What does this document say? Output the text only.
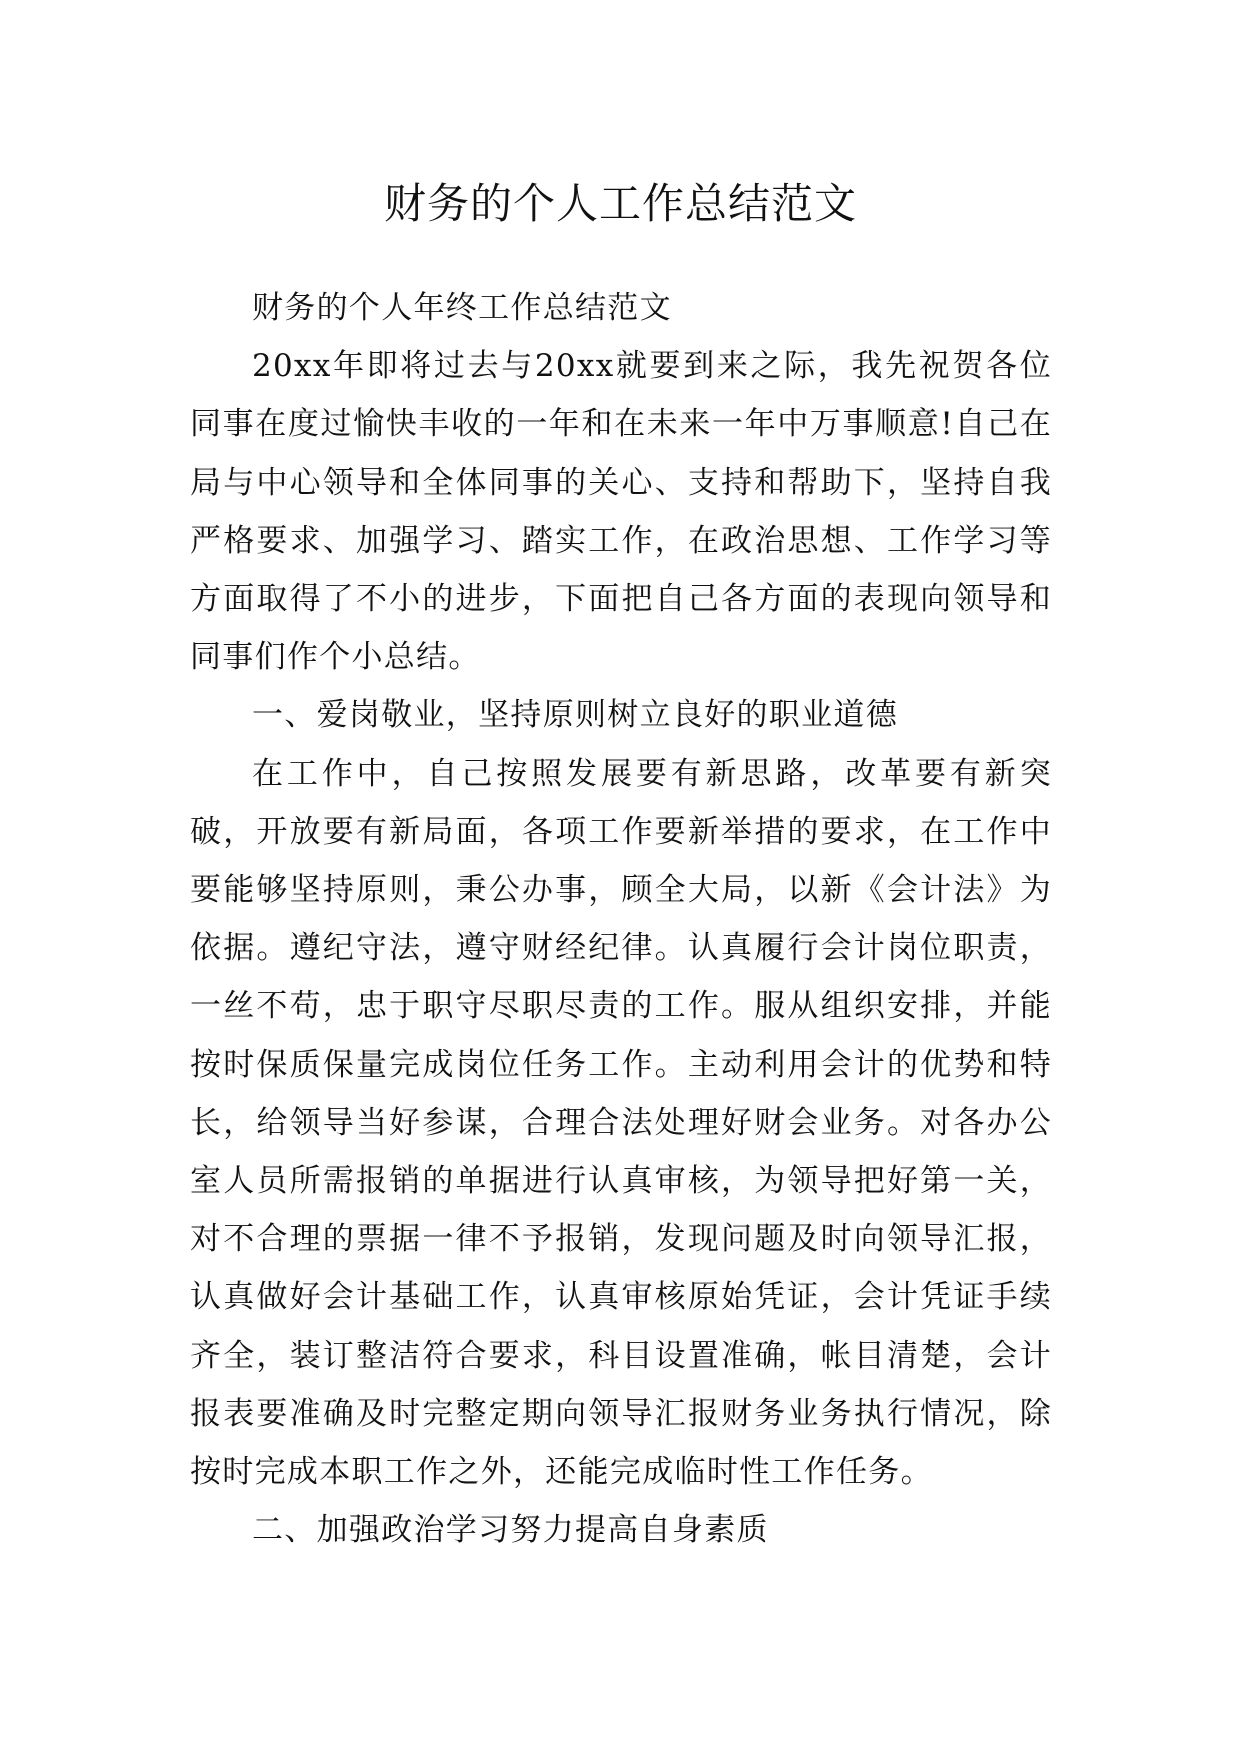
财务的个人工作总结范文

财务的个人年终工作总结范文

20xx年即将过去与20xx就要到来之际，我先祝贺各位同事在度过愉快丰收的一年和在未来一年中万事顺意!自己在局与中心领导和全体同事的关心、支持和帮助下，坚持自我严格要求、加强学习、踏实工作，在政治思想、工作学习等方面取得了不小的进步，下面把自己各方面的表现向领导和同事们作个小总结。

一、爱岗敬业，坚持原则树立良好的职业道德

在工作中，自己按照发展要有新思路，改革要有新突破，开放要有新局面，各项工作要新举措的要求，在工作中要能够坚持原则，秉公办事，顾全大局，以新《会计法》为依据。遵纪守法，遵守财经纪律。认真履行会计岗位职责，一丝不苟，忠于职守尽职尽责的工作。服从组织安排，并能按时保质保量完成岗位任务工作。主动利用会计的优势和特长，给领导当好参谋，合理合法处理好财会业务。对各办公室人员所需报销的单据进行认真审核，为领导把好第一关，对不合理的票据一律不予报销，发现问题及时向领导汇报，认真做好会计基础工作，认真审核原始凭证，会计凭证手续齐全，装订整洁符合要求，科目设置准确，帐目清楚，会计报表要准确及时完整定期向领导汇报财务业务执行情况，除按时完成本职工作之外，还能完成临时性工作任务。

二、加强政治学习努力提高自身素质
